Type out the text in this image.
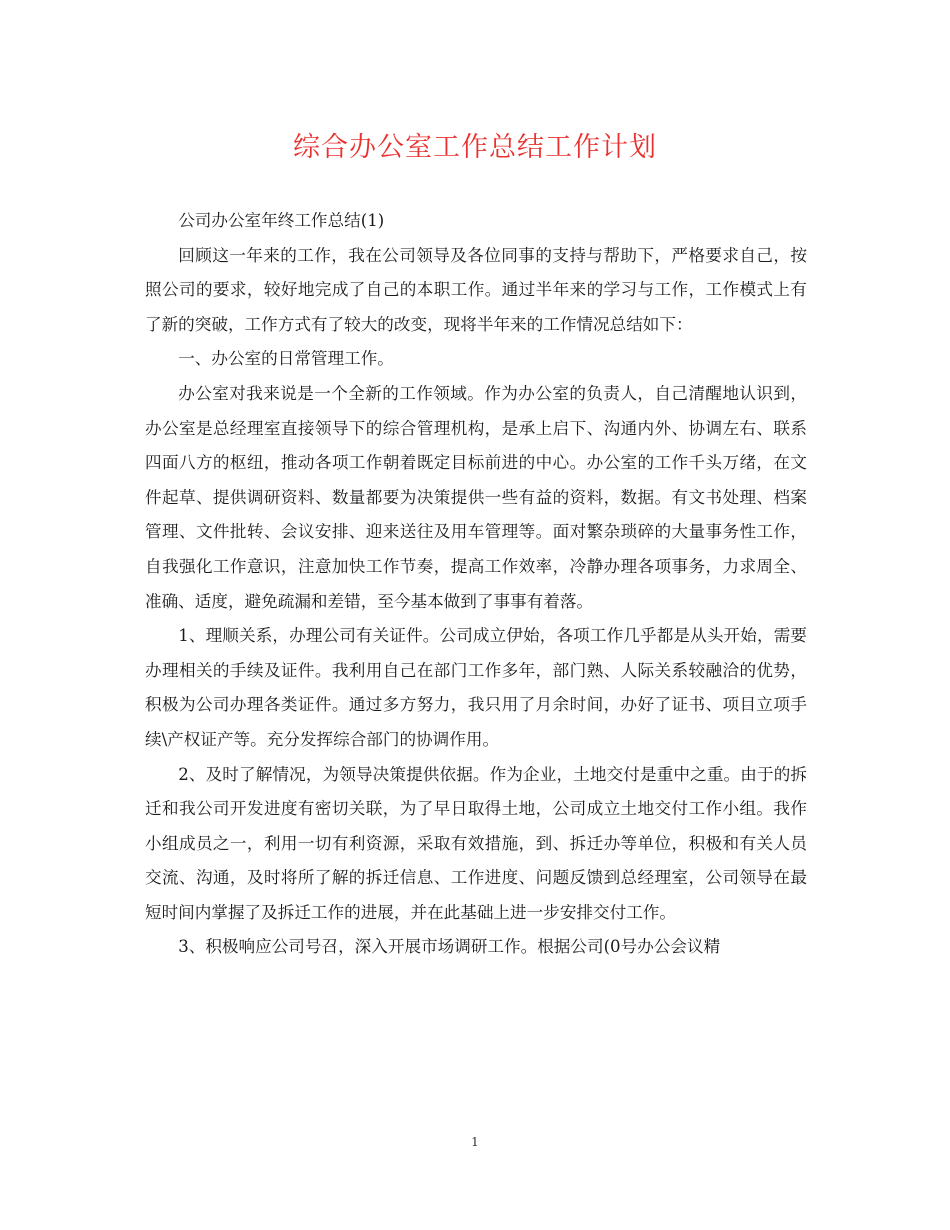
综合办公室工作总结工作计划

公司办公室年终工作总结(1)

回顾这一年来的工作，我在公司领导及各位同事的支持与帮助下，严格要求自己，按照公司的要求，较好地完成了自己的本职工作。通过半年来的学习与工作，工作模式上有了新的突破，工作方式有了较大的改变，现将半年来的工作情况总结如下：

一、办公室的日常管理工作。

办公室对我来说是一个全新的工作领域。作为办公室的负责人，自己清醒地认识到，办公室是总经理室直接领导下的综合管理机构，是承上启下、沟通内外、协调左右、联系四面八方的枢纽，推动各项工作朝着既定目标前进的中心。办公室的工作千头万绪，在文件起草、提供调研资料、数量都要为决策提供一些有益的资料，数据。有文书处理、档案管理、文件批转、会议安排、迎来送往及用车管理等。面对繁杂琐碎的大量事务性工作，自我强化工作意识，注意加快工作节奏，提高工作效率，冷静办理各项事务，力求周全、准确、适度，避免疏漏和差错，至今基本做到了事事有着落。

1、理顺关系，办理公司有关证件。公司成立伊始，各项工作几乎都是从头开始，需要办理相关的手续及证件。我利用自己在部门工作多年，部门熟、人际关系较融洽的优势，积极为公司办理各类证件。通过多方努力，我只用了月余时间，办好了证书、项目立项手续\产权证产等。充分发挥综合部门的协调作用。

2、及时了解情况，为领导决策提供依据。作为企业，土地交付是重中之重。由于的拆迁和我公司开发进度有密切关联，为了早日取得土地，公司成立土地交付工作小组。我作小组成员之一，利用一切有利资源，采取有效措施，到、拆迁办等单位，积极和有关人员交流、沟通，及时将所了解的拆迁信息、工作进度、问题反馈到总经理室，公司领导在最短时间内掌握了及拆迁工作的进展，并在此基础上进一步安排交付工作。

3、积极响应公司号召，深入开展市场调研工作。根据公司(0号办公会议精

1
